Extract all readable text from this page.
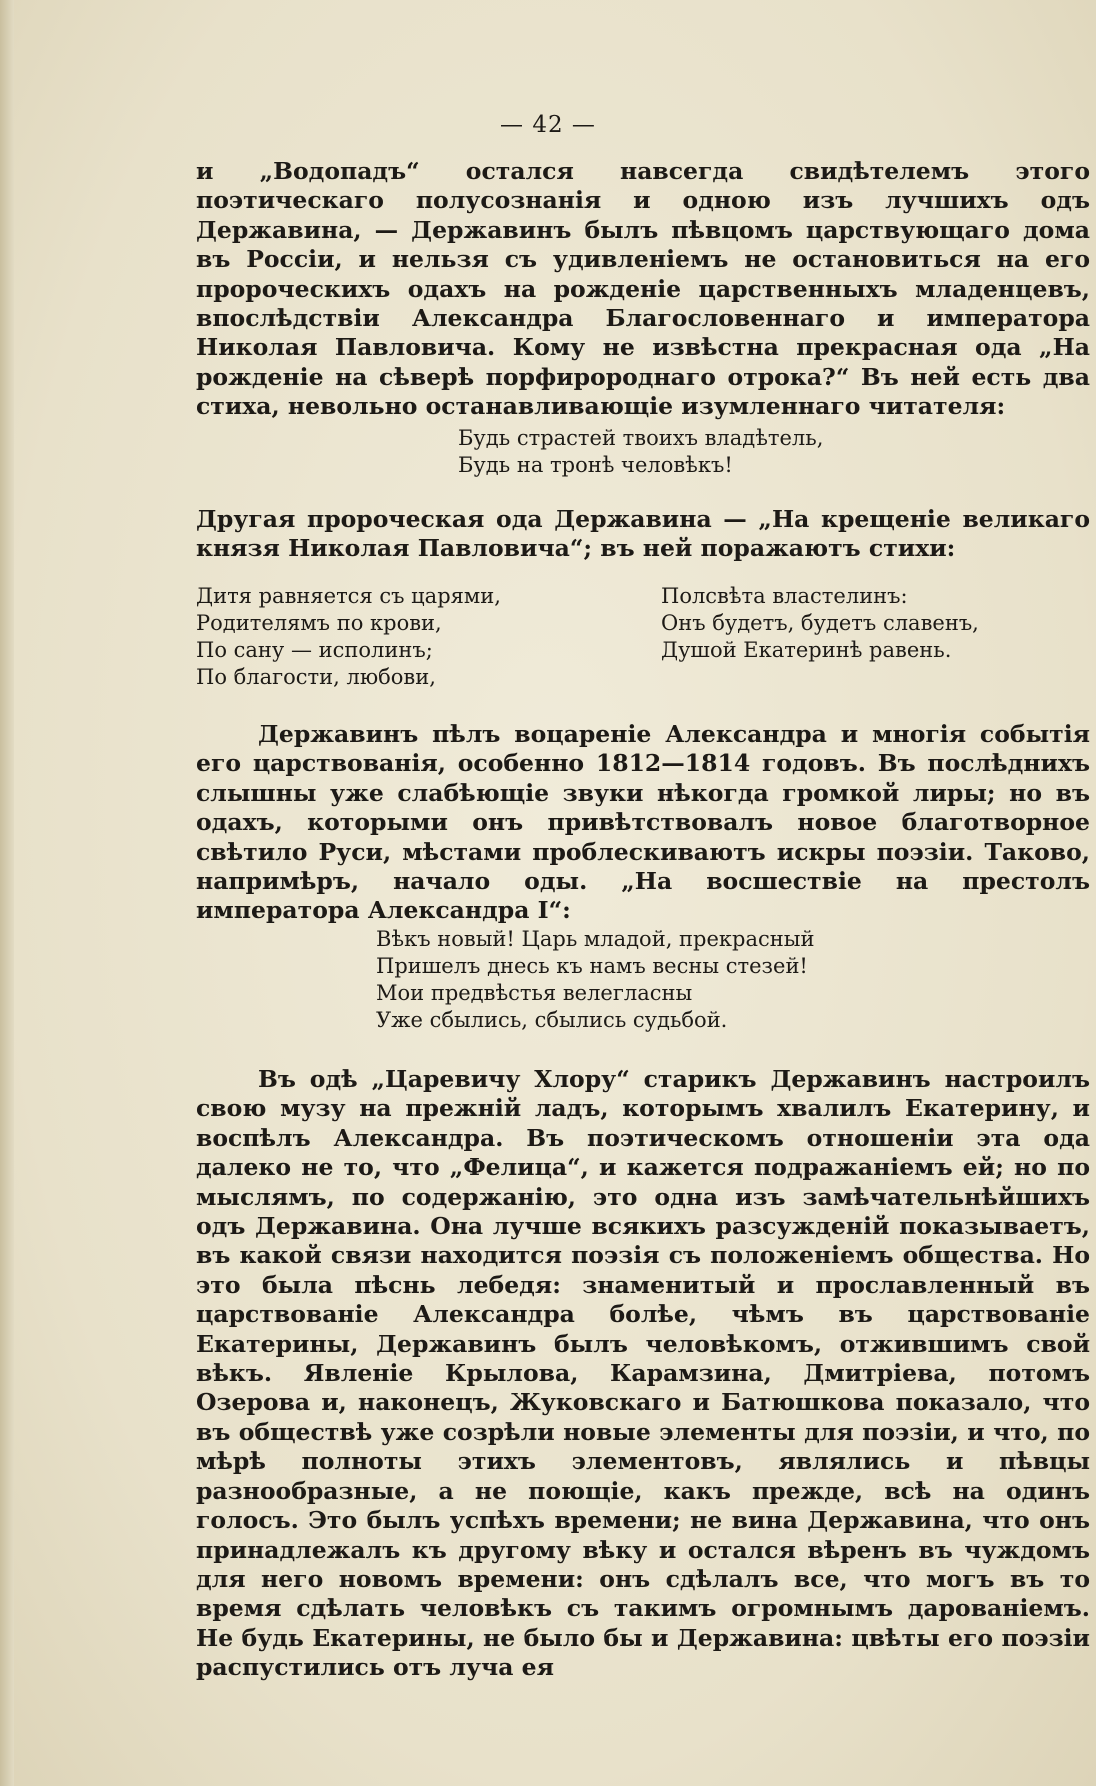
— 42 —

и „Водопадъ“ остался навсегда свидѣтелемъ этого поэтическаго полусознанія и одною изъ лучшихъ одъ Державина, — Державинъ былъ пѣвцомъ царствующаго дома въ Россіи, и нельзя съ удивленіемъ не остановиться на его пророческихъ одахъ на рожденіе царственныхъ младенцевъ, впослѣдствіи Александра Благословеннаго и императора Николая Павловича. Кому не извѣстна прекрасная ода „На рожденіе на сѣверѣ порфиророднаго отрока?“ Въ ней есть два стиха, невольно останавливающіе изумленнаго читателя:

Будь страстей твоихъ владѣтель,
Будь на тронѣ человѣкъ!

Другая пророческая ода Державина — „На крещеніе великаго князя Николая Павловича“; въ ней поражаютъ стихи:

Дитя равняется съ царями,
Родителямъ по крови,
По сану — исполинъ;
По благости, любови,
Полсвѣта властелинъ:
Онъ будетъ, будетъ славенъ,
Душой Екатеринѣ равень.

Державинъ пѣлъ воцареніе Александра и многія событія его царствованія, особенно 1812—1814 годовъ. Въ послѣднихъ слышны уже слабѣющіе звуки нѣкогда громкой лиры; но въ одахъ, которыми онъ привѣтствовалъ новое благотворное свѣтило Руси, мѣстами проблескиваютъ искры поэзіи. Таково, напримѣръ, начало оды. „На восшествіе на престолъ императора Александра I“:

Вѣкъ новый! Царь младой, прекрасный
Пришелъ днесь къ намъ весны стезей!
Мои предвѣстья велегласны
Уже сбылись, сбылись судьбой.

Въ одѣ „Царевичу Хлору“ старикъ Державинъ настроилъ свою музу на прежній ладъ, которымъ хвалилъ Екатерину, и воспѣлъ Александра. Въ поэтическомъ отношеніи эта ода далеко не то, что „Фелица“, и кажется подражаніемъ ей; но по мыслямъ, по содержанію, это одна изъ замѣчательнѣйшихъ одъ Державина. Она лучше всякихъ разсужденій показываетъ, въ какой связи находится поэзія съ положеніемъ общества. Но это была пѣснь лебедя: знаменитый и прославленный въ царствованіе Александра болѣе, чѣмъ въ царствованіе Екатерины, Державинъ былъ человѣкомъ, отжившимъ свой вѣкъ. Явленіе Крылова, Карамзина, Дмитріева, потомъ Озерова и, наконецъ, Жуковскаго и Батюшкова показало, что въ обществѣ уже созрѣли новые элементы для поэзіи, и что, по мѣрѣ полноты этихъ элементовъ, являлись и пѣвцы разнообразные, а не поющіе, какъ прежде, всѣ на одинъ голосъ. Это былъ успѣхъ времени; не вина Державина, что онъ принадлежалъ къ другому вѣку и остался вѣренъ въ чуждомъ для него новомъ времени: онъ сдѣлалъ все, что могъ въ то время сдѣлать человѣкъ съ такимъ огромнымъ дарованіемъ. Не будь Екатерины, не было бы и Державина: цвѣты его поэзіи распустились отъ луча ея
